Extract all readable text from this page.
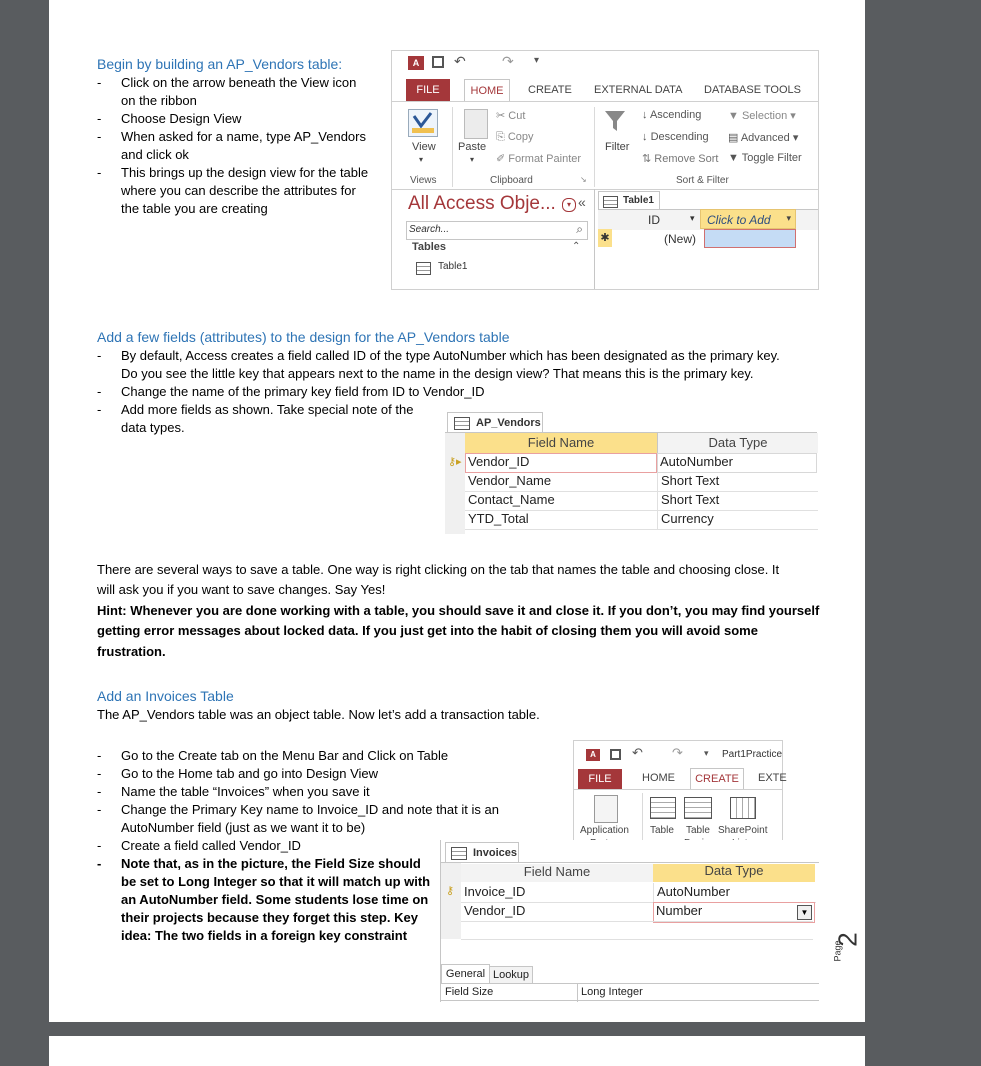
Begin by building an AP_Vendors table:
- Click on the arrow beneath the View icon
on the ribbon
- Choose Design View
- When asked for a name, type AP_Vendors
and click ok
- This brings up the design view for the table
where you can describe the attributes for
the table you are creating
A	↶	↷ ▾
FILE	HOME	CREATE EXTERNAL DATA DATABASE TOOLS
View
▾
Views
Paste
▾
✂ Cut
⎘ Copy
✐ Format Painter
Clipboard	↘
Filter
↓ Ascending
↓ Descending
⇅ Remove Sort
▼ Selection ▾
▤ Advanced ▾
▼ Toggle Filter
Sort & Filter
All Access Obje...	▾ «
Search...	⌕
Tables	⌃
Table1
Table1
ID	▾ Click to Add ▾
✱	(New)
Add a few fields (attributes) to the design for the AP_Vendors table
- By default, Access creates a field called ID of the type AutoNumber which has been designated as the primary key.
Do you see the little key that appears next to the name in the design view? That means this is the primary key.
- Change the name of the primary key field from ID to Vendor_ID
- Add more fields as shown. Take special note of the
data types.	AP_Vendors
Field Name	Data Type
⚷▸ Vendor_ID	AutoNumber
Vendor_Name	Short Text
Contact_Name	Short Text
YTD_Total	Currency
There are several ways to save a table. One way is right clicking on the tab that names the table and choosing close. It
will ask you if you want to save changes. Say Yes!
Hint: Whenever you are done working with a table, you should save it and close it. If you don’t, you may find yourself
getting error messages about locked data. If you just get into the habit of closing them you will avoid some
frustration.
Add an Invoices Table
The AP_Vendors table was an object table. Now let’s add a transaction table.
- Go to the Create tab on the Menu Bar and Click on Table
- Go to the Home tab and go into Design View
- Name the table “Invoices” when you save it
- Change the Primary Key name to Invoice_ID and note that it is an
AutoNumber field (just as we want it to be)
- Create a field called Vendor_ID
- Note that, as in the picture, the Field Size should
be set to Long Integer so that it will match up with
an AutoNumber field. Some students lose time on
their projects because they forget this step. Key
idea: The two fields in a foreign key constraint
A	↶ ↷ ▾ Part1Practice
FILE	HOME	CREATE	EXTE
Application Table Table SharePoint
Invoices
Field Name	Data Type
⚷ Invoice_ID	AutoNumber
Vendor_ID	Number	▼
General Lookup
Field Size	Long Integer
Page
2
